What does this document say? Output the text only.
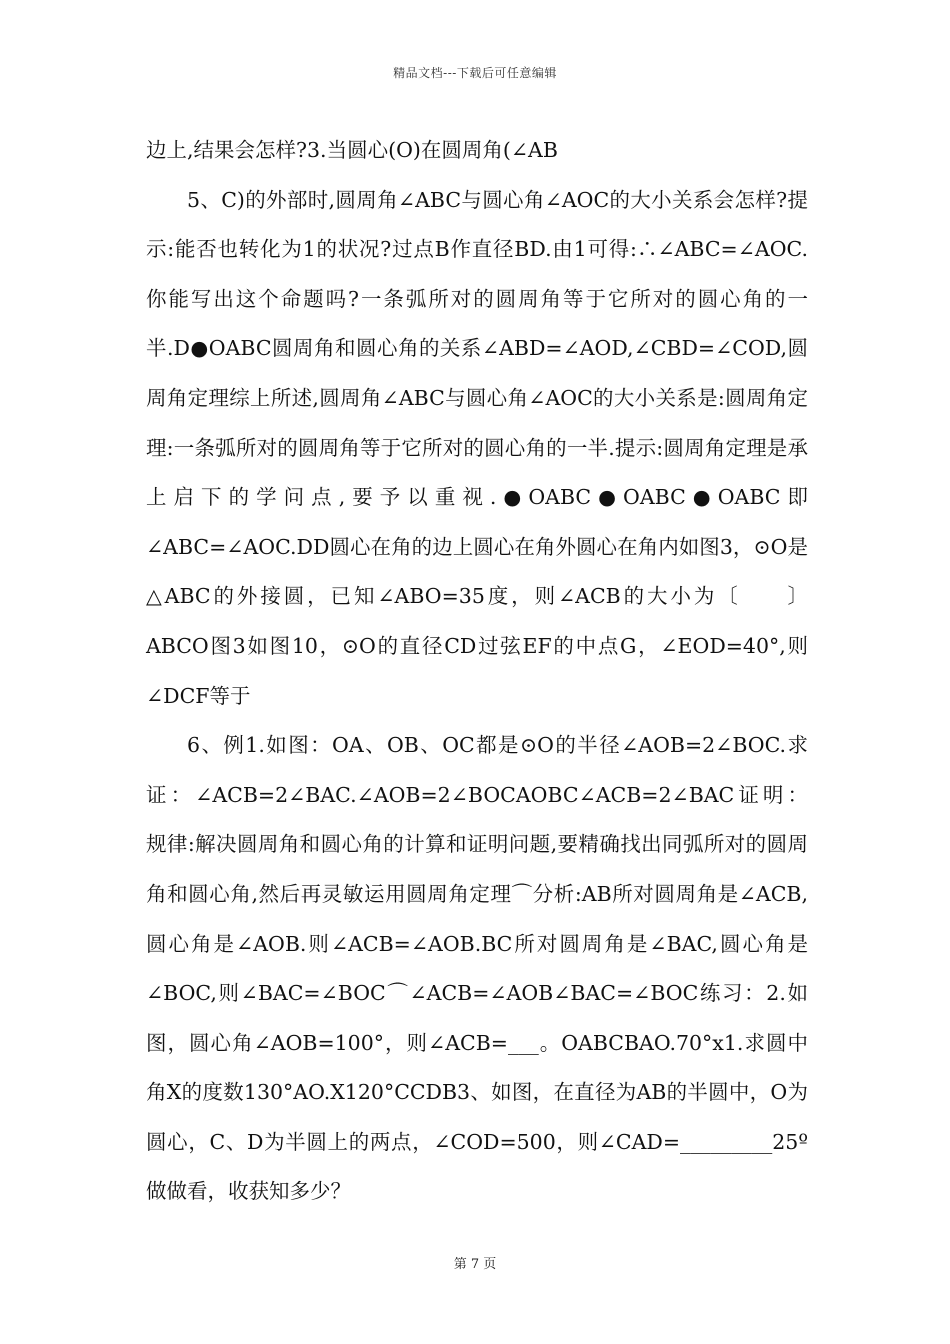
精品文档---下载后可任意编辑

边上,结果会怎样?3.当圆心(O)在圆周角(∠AB

5、C)的外部时,圆周角∠ABC与圆心角∠AOC的大小关系会怎样?提示:能否也转化为1的状况?过点B作直径BD.由1可得:∴∠ABC=∠AOC.你能写出这个命题吗?一条弧所对的圆周角等于它所对的圆心角的一半.D●OABC圆周角和圆心角的关系∠ABD=∠AOD,∠CBD=∠COD,圆周角定理综上所述,圆周角∠ABC与圆心角∠AOC的大小关系是:圆周角定理:一条弧所对的圆周角等于它所对的圆心角的一半.提示:圆周角定理是承上启下的学问点,要予以重视.●OABC●OABC●OABC即∠ABC=∠AOC.DD圆心在角的边上圆心在角外圆心在角内如图3，⊙O是△ABC的外接圆，已知∠ABO=35度，则∠ACB的大小为〔　　〕ABCO图3如图10，⊙O的直径CD过弦EF的中点G，∠EOD=40°,则∠DCF等于

6、例1.如图：OA、OB、OC都是⊙O的半径∠AOB=2∠BOC.求证：∠ACB=2∠BAC.∠AOB=2∠BOCAOBC∠ACB=2∠BAC证明：规律:解决圆周角和圆心角的计算和证明问题,要精确找出同弧所对的圆周角和圆心角,然后再灵敏运用圆周角定理⌒分析:AB所对圆周角是∠ACB,圆心角是∠AOB.则∠ACB=∠AOB.BC所对圆周角是∠BAC,圆心角是∠BOC,则∠BAC=∠BOC⌒∠ACB=∠AOB∠BAC=∠BOC练习：2.如图，圆心角∠AOB=100°，则∠ACB=___。OABCBAO.70°x1.求圆中角X的度数130°AO.X120°CCDB3、如图，在直径为AB的半圆中，O为圆心，C、D为半圆上的两点，∠COD=500，则∠CAD=_________25º做做看，收获知多少？

第 7 页
